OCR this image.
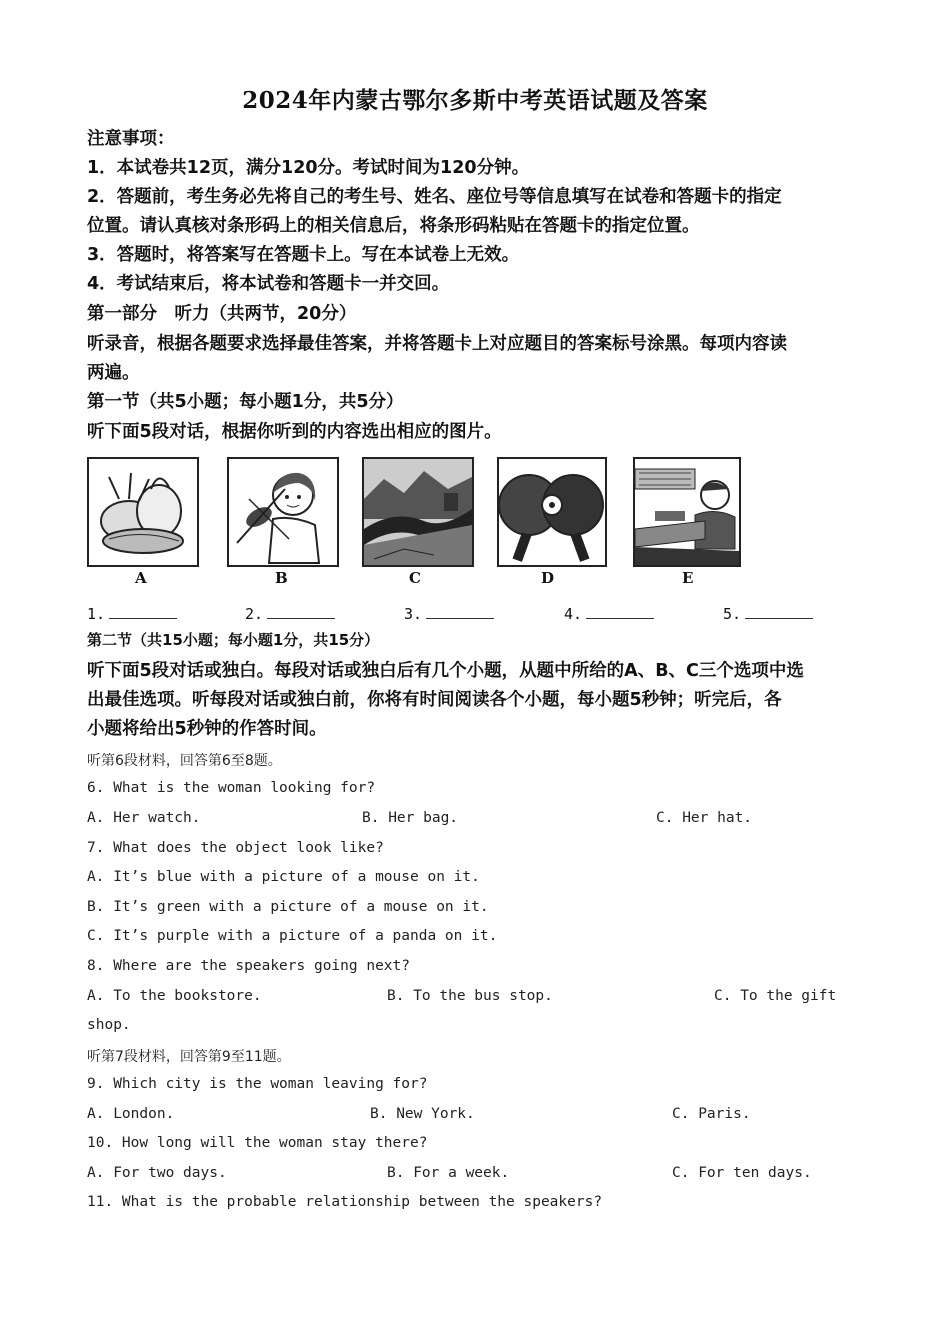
2024年内蒙古鄂尔多斯中考英语试题及答案
注意事项：
1．本试卷共12页，满分120分。考试时间为120分钟。
2．答题前，考生务必先将自己的考生号、姓名、座位号等信息填写在试卷和答题卡的指定
位置。请认真核对条形码上的相关信息后，将条形码粘贴在答题卡的指定位置。
3．答题时，将答案写在答题卡上。写在本试卷上无效。
4．考试结束后，将本试卷和答题卡一并交回。
第一部分　听力（共两节，20分）
听录音，根据各题要求选择最佳答案，并将答题卡上对应题目的答案标号涂黑。每项内容读
两遍。
第一节（共5小题；每小题1分，共5分）
听下面5段对话，根据你听到的内容选出相应的图片。
A	B	C	D	E
1.	2.	3.	4.	5.
第二节（共15小题；每小题1分，共15分）
听下面5段对话或独白。每段对话或独白后有几个小题，从题中所给的A、B、C三个选项中选
出最佳选项。听每段对话或独白前，你将有时间阅读各个小题，每小题5秒钟；听完后，各
小题将给出5秒钟的作答时间。
听第6段材料，回答第6至8题。
6. What is the woman looking for?
A. Her watch.	B. Her bag.	C. Her hat.
7. What does the object look like?
A. It’s blue with a picture of a mouse on it.
B. It’s green with a picture of a mouse on it.
C. It’s purple with a picture of a panda on it.
8. Where are the speakers going next?
A. To the bookstore.	B. To the bus stop.	C. To the gift
shop.
听第7段材料，回答第9至11题。
9. Which city is the woman leaving for?
A. London.	B. New York.	C. Paris.
10. How long will the woman stay there?
A. For two days.	B. For a week.	C. For ten days.
11. What is the probable relationship between the speakers?
